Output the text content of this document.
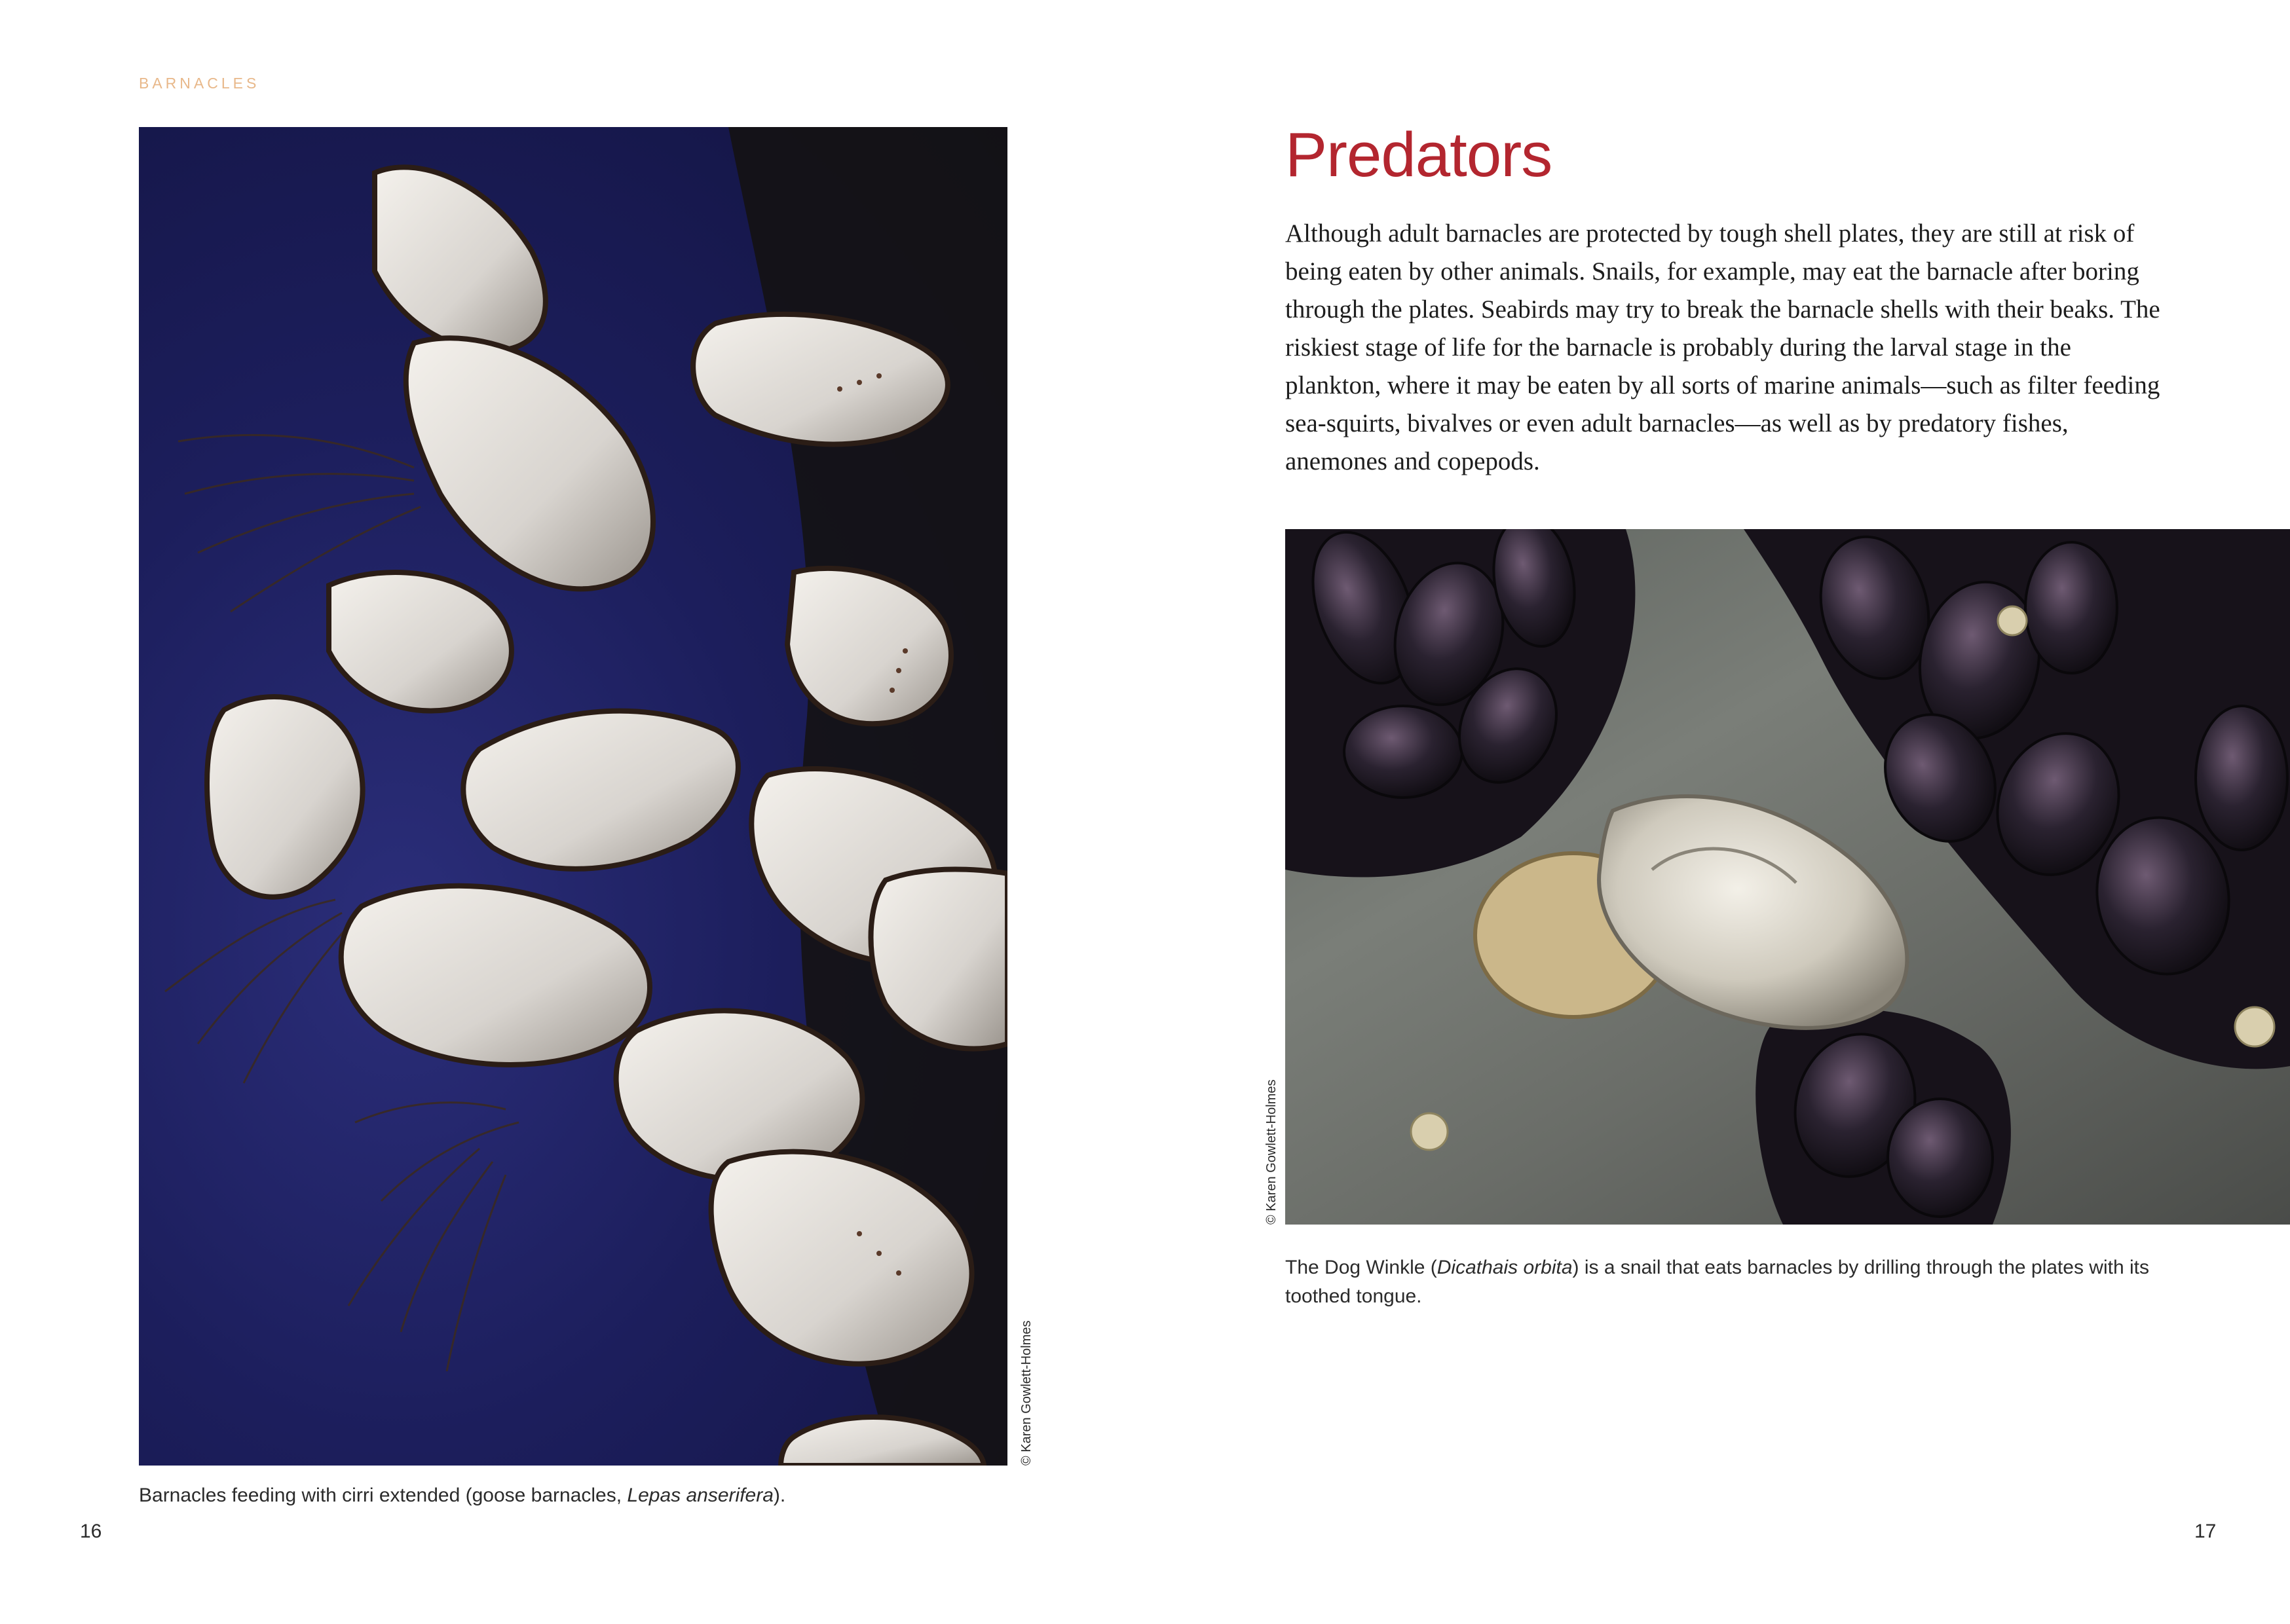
BARNACLES
© Karen Gowlett-Holmes
Barnacles feeding with cirri extended (goose barnacles, Lepas anserifera).
16
Predators
Although adult barnacles are protected by tough shell plates, they are still at risk of being eaten by other animals. Snails, for example, may eat the barnacle after boring through the plates. Seabirds may try to break the barnacle shells with their beaks. The riskiest stage of life for the barnacle is probably during the larval stage in the plankton, where it may be eaten by all sorts of marine animals—such as filter feeding sea-squirts, bivalves or even adult barnacles—as well as by predatory fishes, anemones and copepods.
© Karen Gowlett-Holmes
The Dog Winkle (Dicathais orbita) is a snail that eats barnacles by drilling through the plates with its toothed tongue.
17
